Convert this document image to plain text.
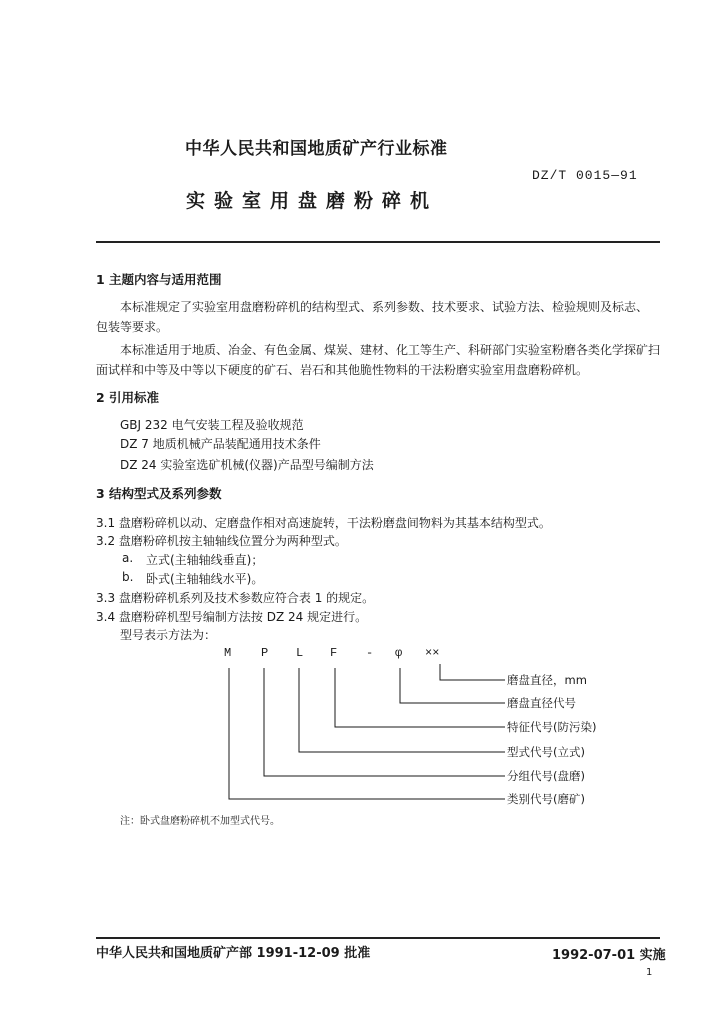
中华人民共和国地质矿产行业标准
DZ/T 0015—91
实验室用盘磨粉碎机
1 主题内容与适用范围
本标准规定了实验室用盘磨粉碎机的结构型式、系列参数、技术要求、试验方法、检验规则及标志、
包装等要求。
本标准适用于地质、冶金、有色金属、煤炭、建材、化工等生产、科研部门实验室粉磨各类化学探矿扫
面试样和中等及中等以下硬度的矿石、岩石和其他脆性物料的干法粉磨实验室用盘磨粉碎机。
2 引用标准
GBJ 232 电气安装工程及验收规范
DZ 7 地质机械产品装配通用技术条件
DZ 24 实验室选矿机械(仪器)产品型号编制方法
3 结构型式及系列参数
3.1 盘磨粉碎机以动、定磨盘作相对高速旋转，干法粉磨盘间物料为其基本结构型式。
3.2 盘磨粉碎机按主轴轴线位置分为两种型式。
a. 立式(主轴轴线垂直)；
b. 卧式(主轴轴线水平)。
3.3 盘磨粉碎机系列及技术参数应符合表 1 的规定。
3.4 盘磨粉碎机型号编制方法按 DZ 24 规定进行。
型号表示方法为：
M P L F - φ ××
磨盘直径，mm
磨盘直径代号
特征代号(防污染)
型式代号(立式)
分组代号(盘磨)
类别代号(磨矿)
注：卧式盘磨粉碎机不加型式代号。
中华人民共和国地质矿产部 1991-12-09 批准	1992-07-01 实施
1
